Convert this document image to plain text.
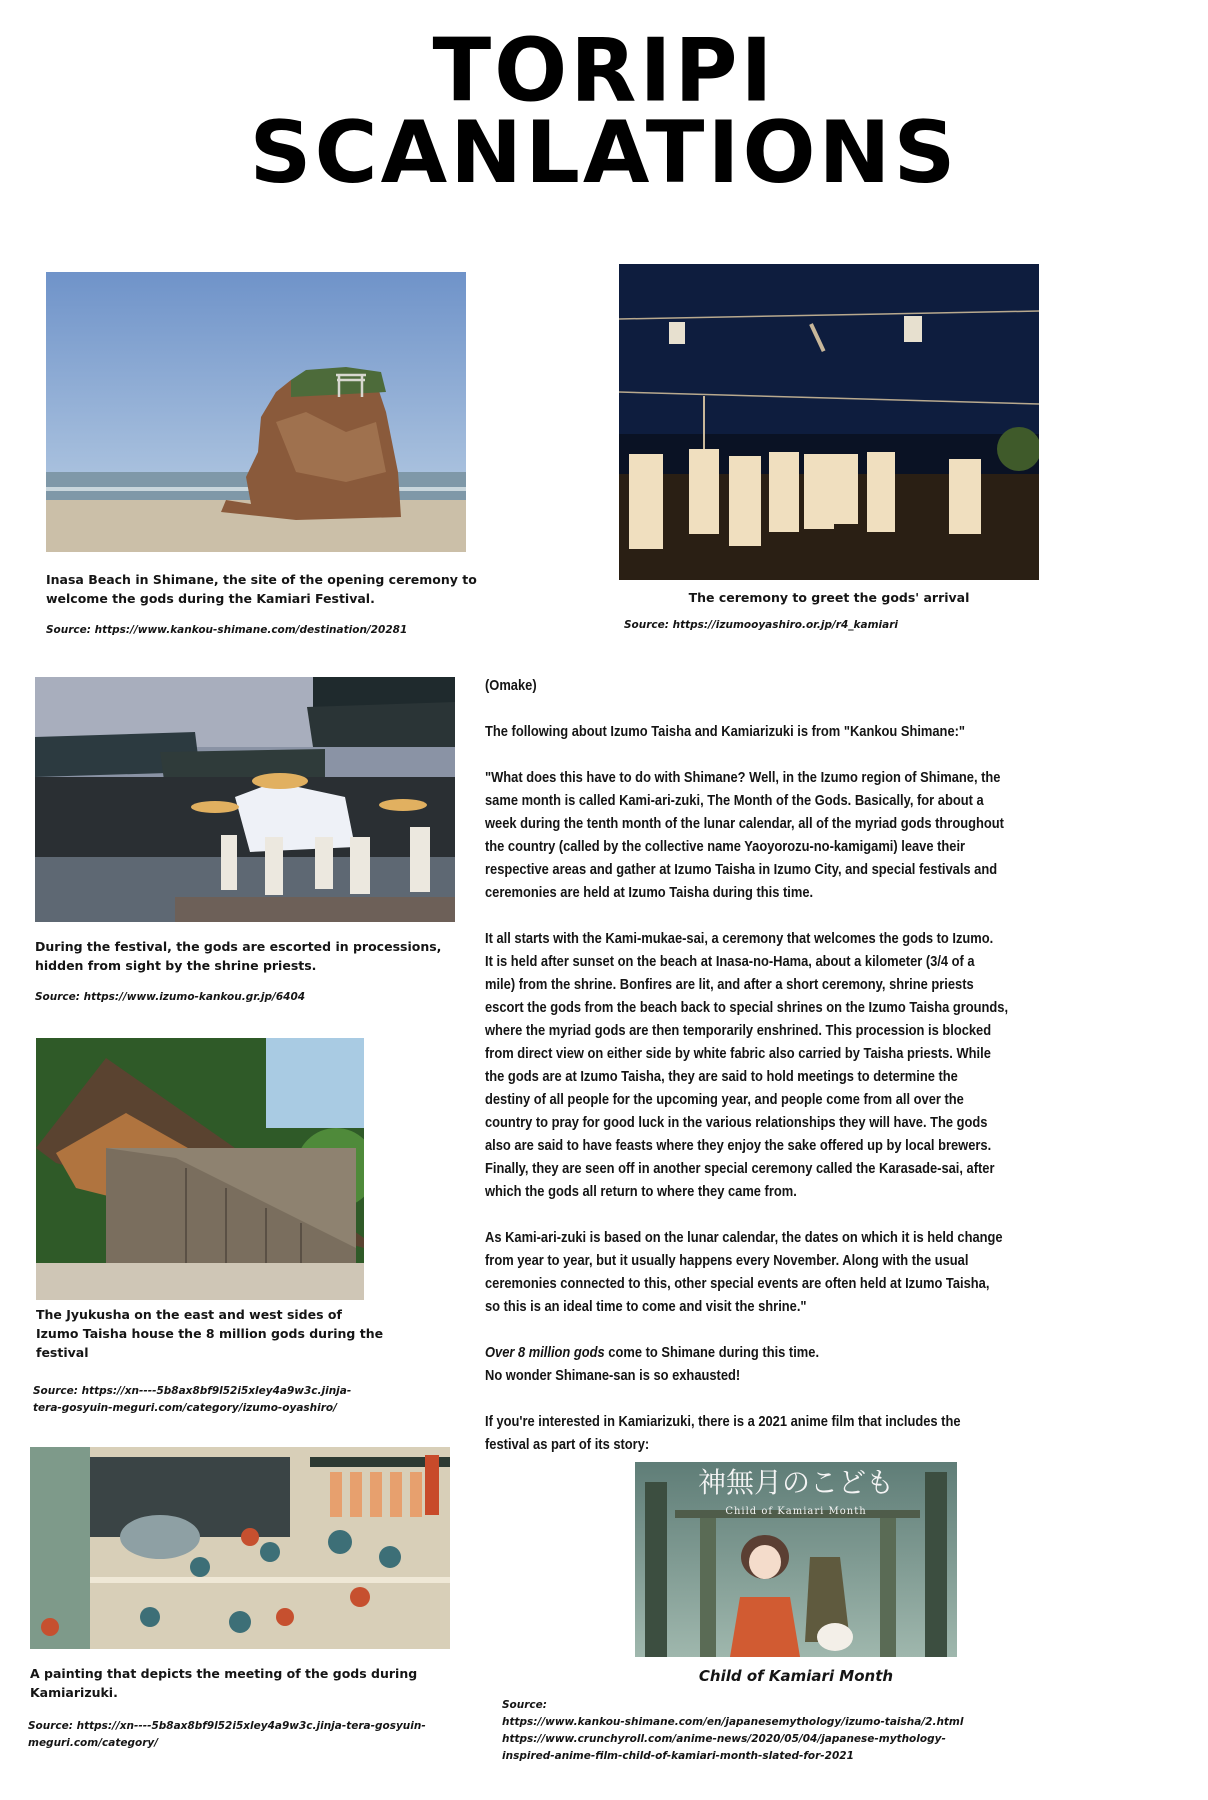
TORIPI
SCANLATIONS
Inasa Beach in Shimane, the site of the opening ceremony to
welcome the gods during the Kamiari Festival.
Source: https://www.kankou-shimane.com/destination/20281
The ceremony to greet the gods' arrival
Source: https://izumooyashiro.or.jp/r4_kamiari
During the festival, the gods are escorted in processions,
hidden from sight by the shrine priests.
Source: https://www.izumo-kankou.gr.jp/6404
The Jyukusha on the east and west sides of
Izumo Taisha house the 8 million gods during the
festival
Source: https://xn----5b8ax8bf9l52i5xley4a9w3c.jinja-
tera-gosyuin-meguri.com/category/izumo-oyashiro/
A painting that depicts the meeting of the gods during
Kamiarizuki.
Source: https://xn----5b8ax8bf9l52i5xley4a9w3c.jinja-tera-gosyuin-
meguri.com/category/

(Omake)

The following about Izumo Taisha and Kamiarizuki is from "Kankou Shimane:"

"What does this have to do with Shimane? Well, in the Izumo region of Shimane, the

same month is called Kami-ari-zuki, The Month of the Gods. Basically, for about a

week during the tenth month of the lunar calendar, all of the myriad gods throughout

the country (called by the collective name Yaoyorozu-no-kamigami) leave their

respective areas and gather at Izumo Taisha in Izumo City, and special festivals and

ceremonies are held at Izumo Taisha during this time.

It all starts with the Kami-mukae-sai, a ceremony that welcomes the gods to Izumo.

It is held after sunset on the beach at Inasa-no-Hama, about a kilometer (3/4 of a

mile) from the shrine. Bonfires are lit, and after a short ceremony, shrine priests

escort the gods from the beach back to special shrines on the Izumo Taisha grounds,

where the myriad gods are then temporarily enshrined. This procession is blocked

from direct view on either side by white fabric also carried by Taisha priests. While

the gods are at Izumo Taisha, they are said to hold meetings to determine the

destiny of all people for the upcoming year, and people come from all over the

country to pray for good luck in the various relationships they will have. The gods

also are said to have feasts where they enjoy the sake offered up by local brewers.

Finally, they are seen off in another special ceremony called the Karasade-sai, after

which the gods all return to where they came from.

As Kami-ari-zuki is based on the lunar calendar, the dates on which it is held change

from year to year, but it usually happens every November. Along with the usual

ceremonies connected to this, other special events are often held at Izumo Taisha,

so this is an ideal time to come and visit the shrine."

Over 8 million gods come to Shimane during this time.

No wonder Shimane-san is so exhausted!

If you're interested in Kamiarizuki, there is a 2021 anime film that includes the

festival as part of its story:

神無月のこども
Child of Kamiari Month
Child of Kamiari Month
Source:
https://www.kankou-shimane.com/en/japanesemythology/izumo-taisha/2.html
https://www.crunchyroll.com/anime-news/2020/05/04/japanese-mythology-
inspired-anime-film-child-of-kamiari-month-slated-for-2021
